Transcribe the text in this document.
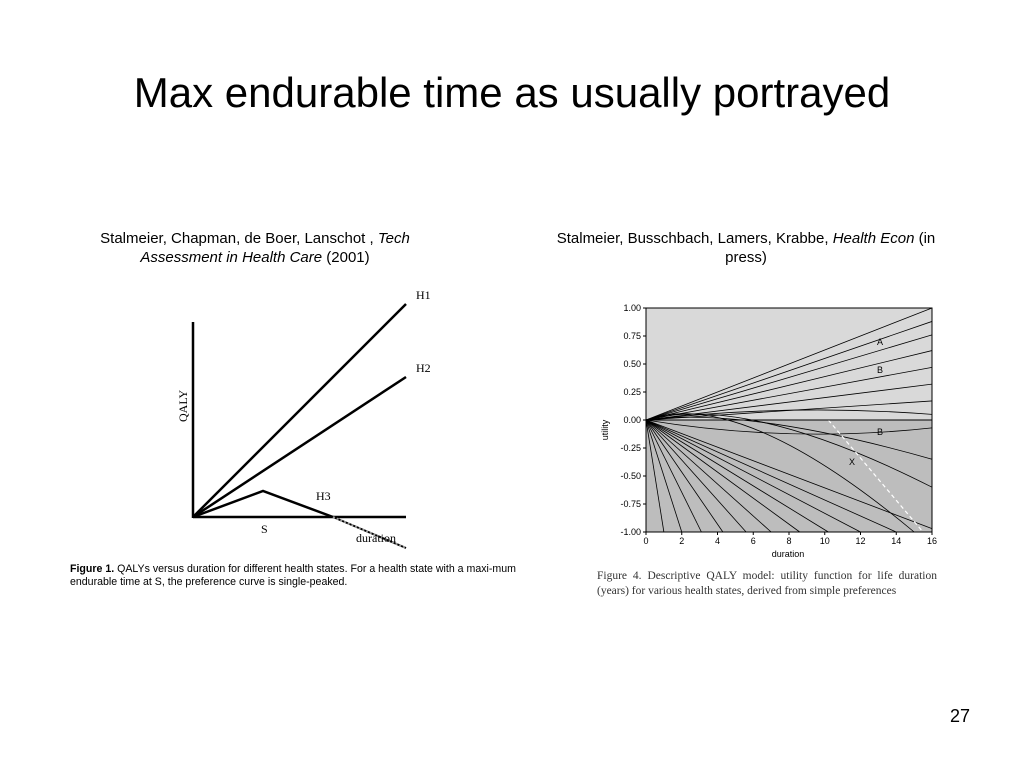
Max endurable time as usually portrayed
Stalmeier, Chapman, de Boer, Lanschot , Tech Assessment in Health Care (2001)
Stalmeier, Busschbach, Lamers, Krabbe, Health Econ (in press)
H1
H2
H3
S
duration
QALY
Figure 1. QALYs versus duration for different health states. For a health state with a maxi-mum endurable time at S, the preference curve is single-peaked.
1.00
0.75
0.50
0.25
0.00
-0.25
-0.50
-0.75
-1.00
0	2	4	6	8	10	12	14	16
utility
duration
A
B
B
X
Figure 4. Descriptive QALY model: utility function for life duration (years) for various health states, derived from simple preferences
27
